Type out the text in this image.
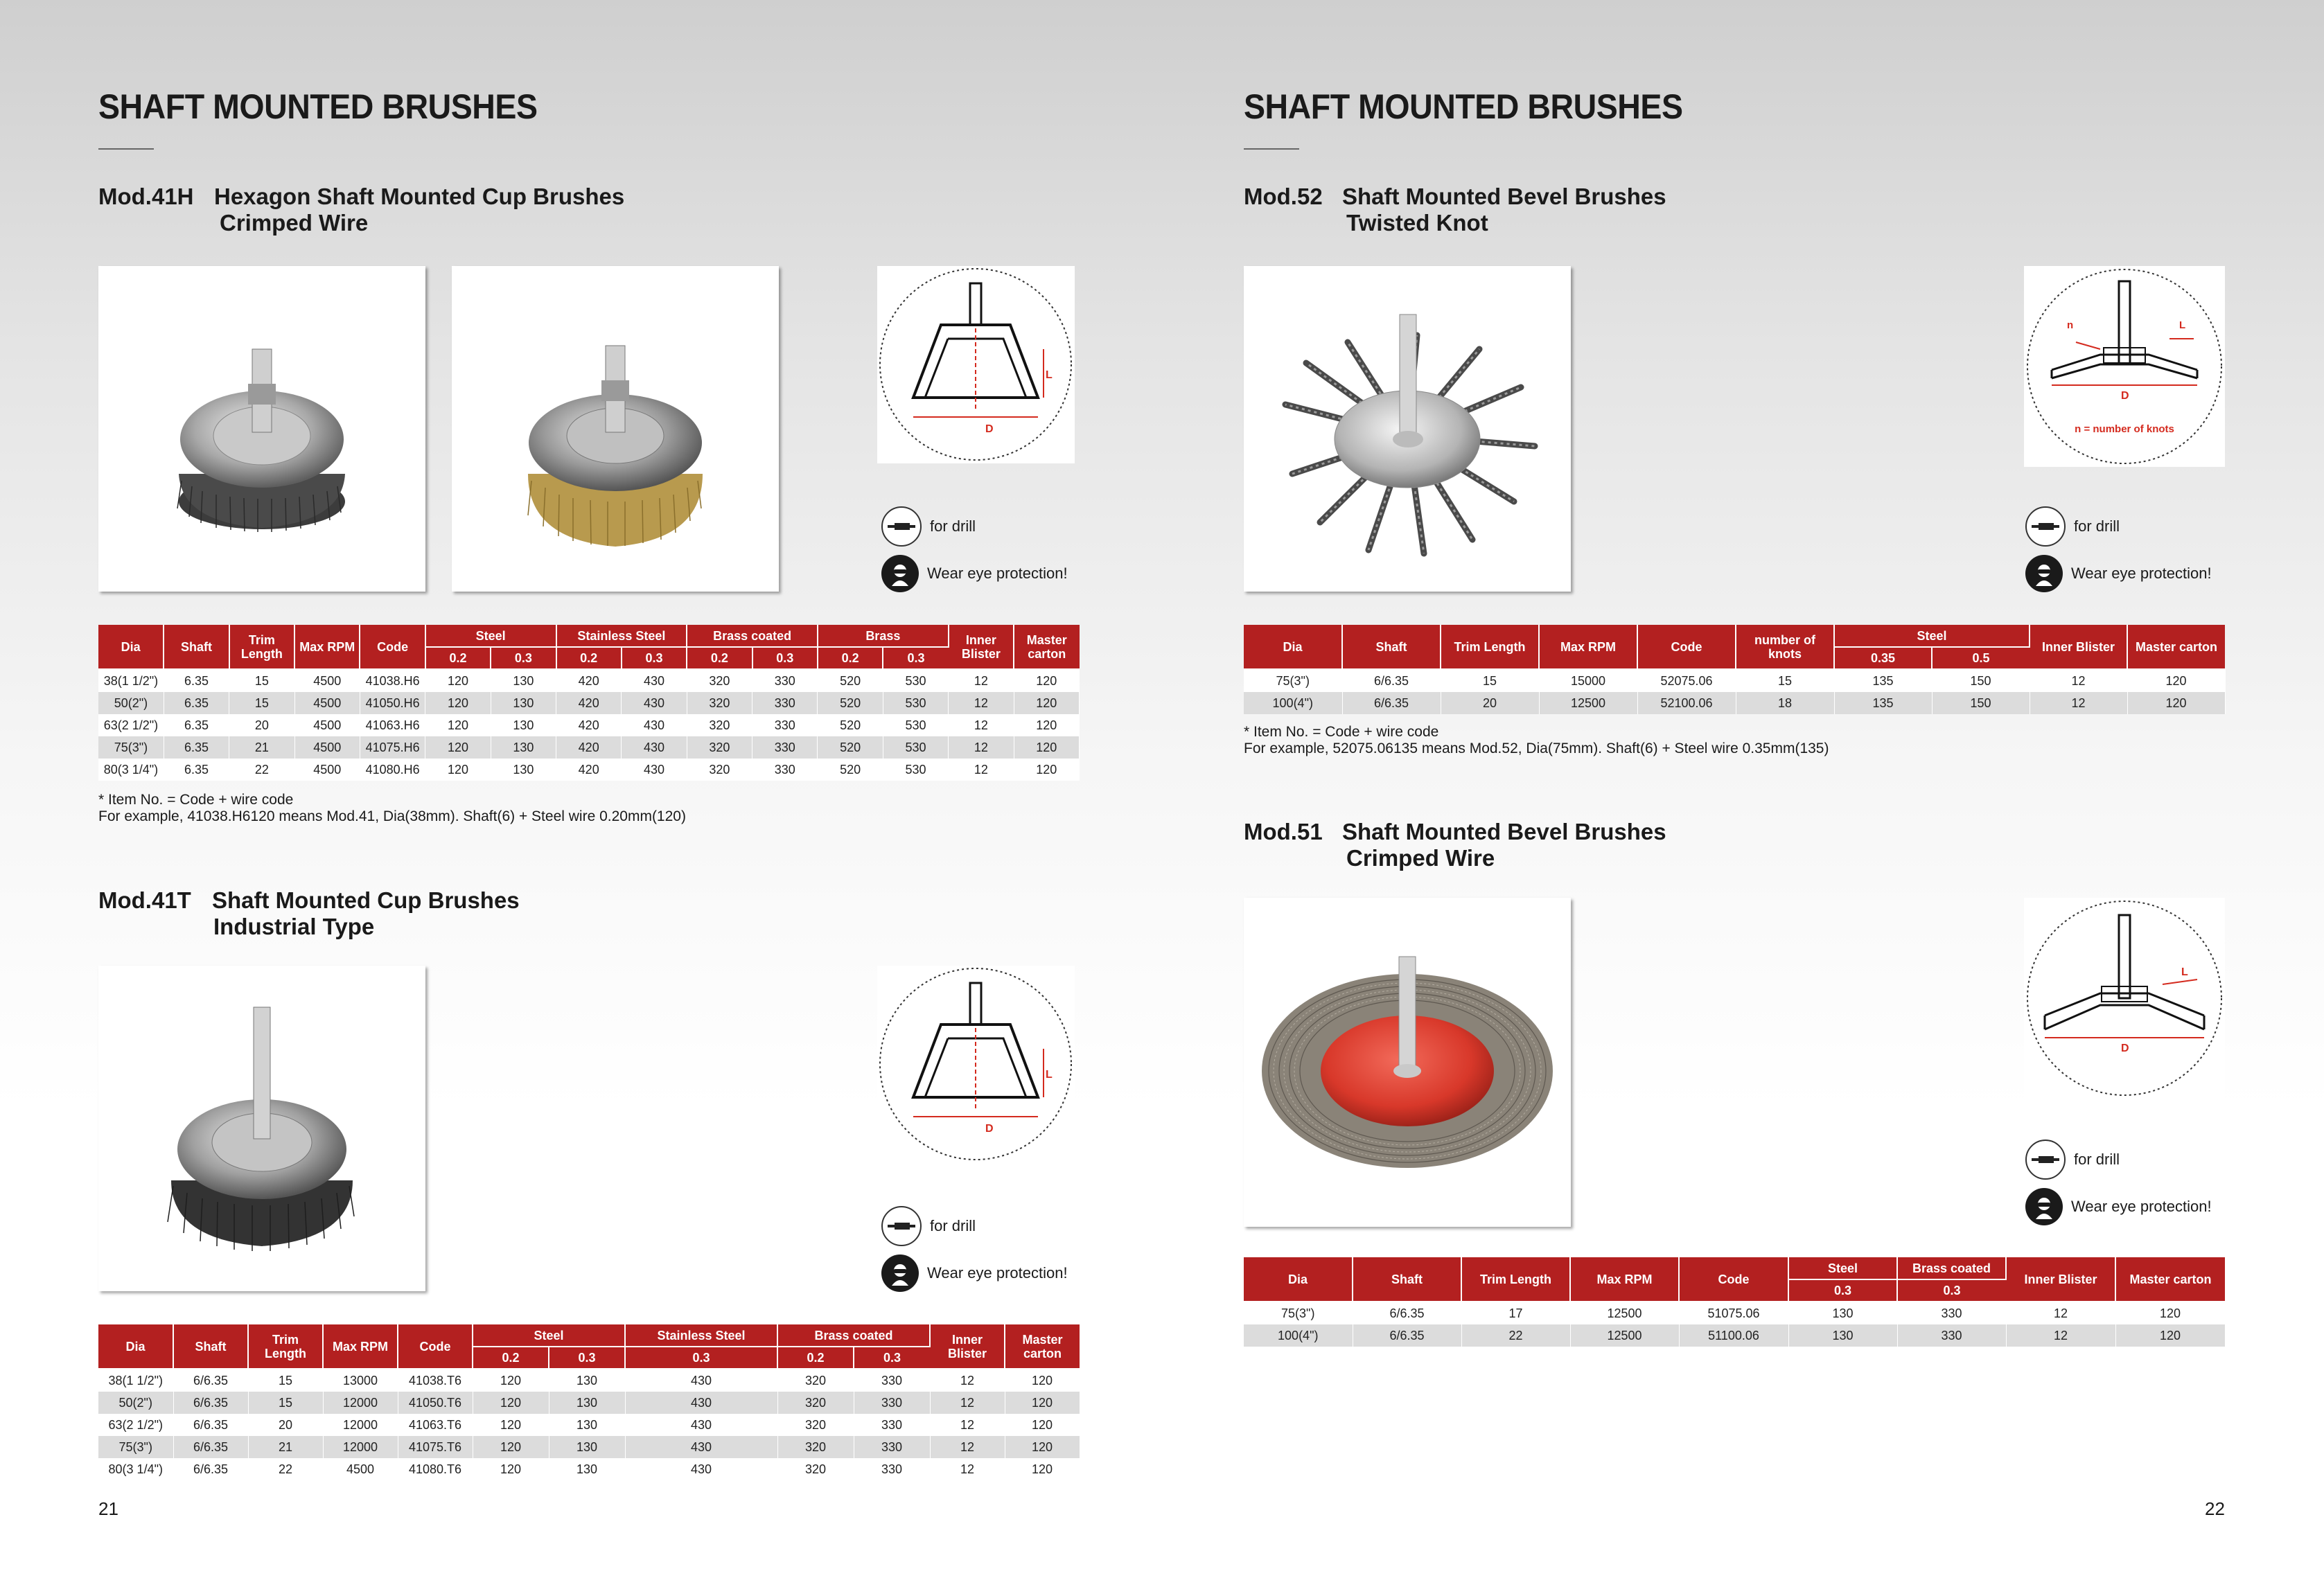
SHAFT MOUNTED BRUSHES
Mod.41H Hexagon Shaft Mounted Cup Brushes
Crimped Wire
L
D
for drill
Wear eye protection!
Dia	Shaft	Trim Length	Max RPM	Code	Steel		Stainless Steel		Brass coated		Brass		Inner Blister	Master carton
					0.2	0.3	0.2	0.3	0.2	0.3	0.2	0.3		
38(1 1/2")	6.35	15	4500	41038.H6	120	130	420	430	320	330	520	530	12	120
50(2")	6.35	15	4500	41050.H6	120	130	420	430	320	330	520	530	12	120
63(2 1/2")	6.35	20	4500	41063.H6	120	130	420	430	320	330	520	530	12	120
75(3")	6.35	21	4500	41075.H6	120	130	420	430	320	330	520	530	12	120
80(3 1/4")	6.35	22	4500	41080.H6	120	130	420	430	320	330	520	530	12	120
* Item No. = Code + wire code
For example, 41038.H6120 means Mod.41, Dia(38mm). Shaft(6) + Steel wire 0.20mm(120)
Mod.41T Shaft Mounted Cup Brushes
Industrial Type
L
D
for drill
Wear eye protection!
Dia	Shaft	Trim Length	Max RPM	Code	Steel		Stainless Steel	Brass coated		Inner Blister	Master carton
					0.2	0.3	0.3	0.2	0.3		
38(1 1/2")	6/6.35	15	13000	41038.T6	120	130	430	320	330	12	120
50(2")	6/6.35	15	12000	41050.T6	120	130	430	320	330	12	120
63(2 1/2")	6/6.35	20	12000	41063.T6	120	130	430	320	330	12	120
75(3")	6/6.35	21	12000	41075.T6	120	130	430	320	330	12	120
80(3 1/4")	6/6.35	22	4500	41080.T6	120	130	430	320	330	12	120
21
SHAFT MOUNTED BRUSHES
Mod.52 Shaft Mounted Bevel Brushes
Twisted Knot
n	L
D
n = number of knots
for drill
Wear eye protection!
Dia	Shaft	Trim Length	Max RPM	Code	number of knots	Steel		Inner Blister	Master carton
						0.35	0.5		
75(3")	6/6.35	15	15000	52075.06	15	135	150	12	120
100(4")	6/6.35	20	12500	52100.06	18	135	150	12	120
* Item No. = Code + wire code
For example, 52075.06135 means Mod.52, Dia(75mm). Shaft(6) + Steel wire 0.35mm(135)
Mod.51 Shaft Mounted Bevel Brushes
Crimped Wire
L
D
for drill
Wear eye protection!
Dia	Shaft	Trim Length	Max RPM	Code	Steel	Brass coated	Inner Blister	Master carton
					0.3	0.3		
75(3")	6/6.35	17	12500	51075.06	130	330	12	120
100(4")	6/6.35	22	12500	51100.06	130	330	12	120
22
